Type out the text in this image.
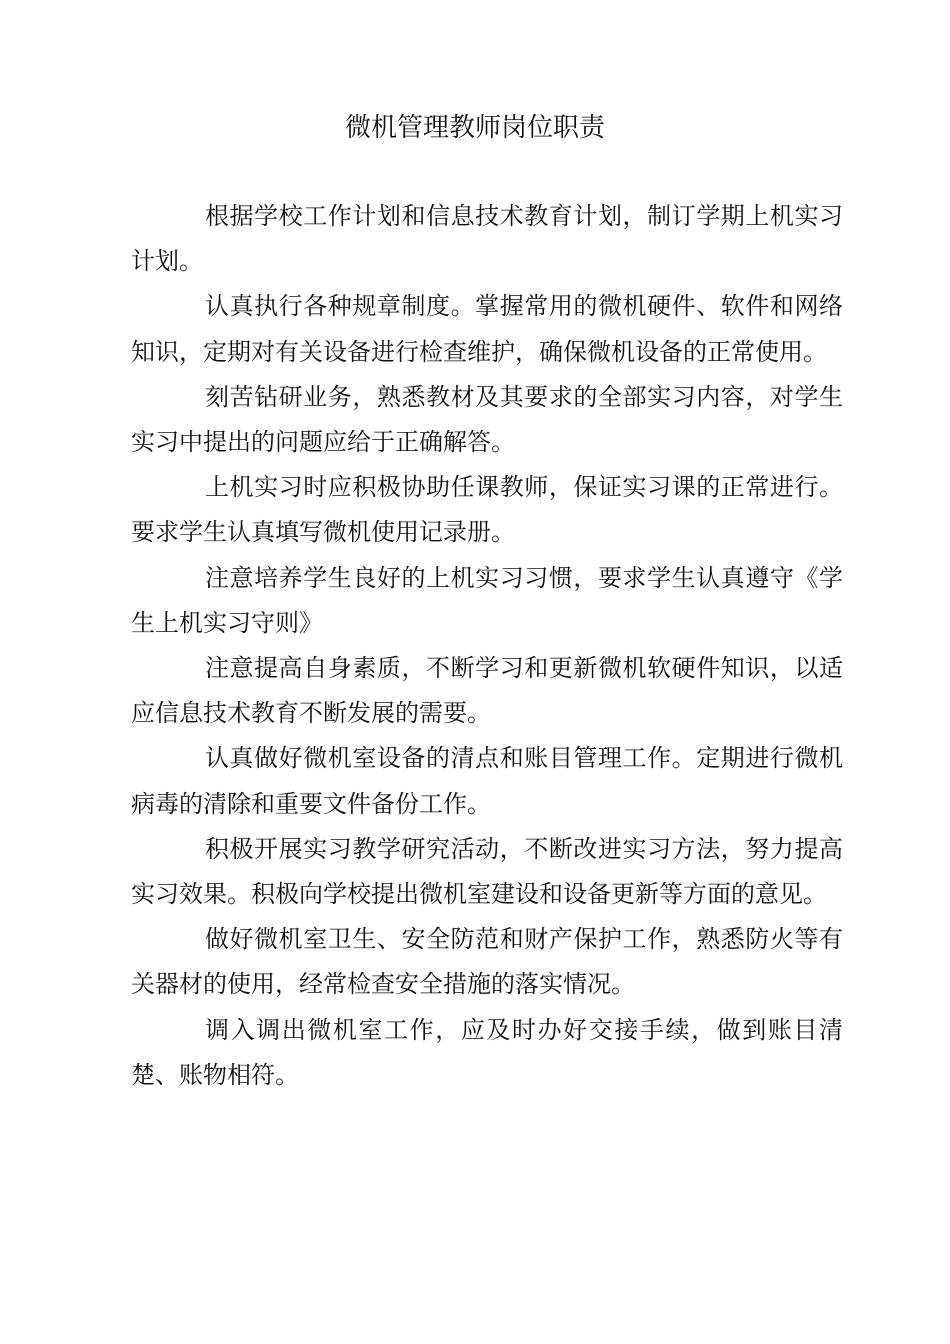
微机管理教师岗位职责

根据学校工作计划和信息技术教育计划，制订学期上机实习计划。

认真执行各种规章制度。掌握常用的微机硬件、软件和网络知识，定期对有关设备进行检查维护，确保微机设备的正常使用。

刻苦钻研业务，熟悉教材及其要求的全部实习内容，对学生实习中提出的问题应给于正确解答。

上机实习时应积极协助任课教师，保证实习课的正常进行。要求学生认真填写微机使用记录册。

注意培养学生良好的上机实习习惯，要求学生认真遵守《学生上机实习守则》

注意提高自身素质，不断学习和更新微机软硬件知识，以适应信息技术教育不断发展的需要。

认真做好微机室设备的清点和账目管理工作。定期进行微机病毒的清除和重要文件备份工作。

积极开展实习教学研究活动，不断改进实习方法，努力提高实习效果。积极向学校提出微机室建设和设备更新等方面的意见。

做好微机室卫生、安全防范和财产保护工作，熟悉防火等有关器材的使用，经常检查安全措施的落实情况。

调入调出微机室工作，应及时办好交接手续，做到账目清楚、账物相符。
